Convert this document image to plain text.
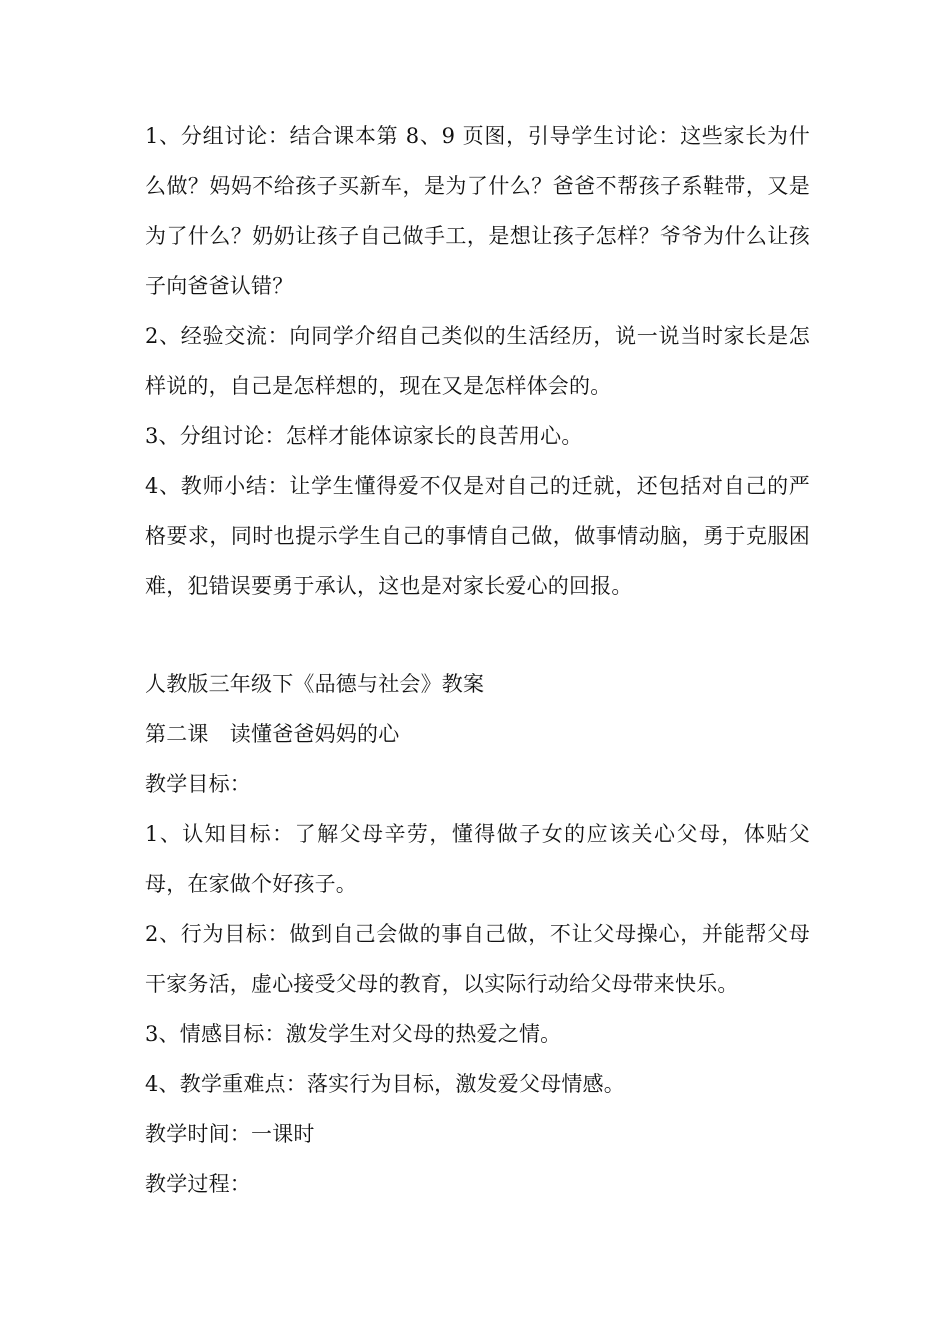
1、分组讨论：结合课本第 8、9 页图，引导学生讨论：这些家长为什么做？妈妈不给孩子买新车，是为了什么？爸爸不帮孩子系鞋带，又是为了什么？奶奶让孩子自己做手工，是想让孩子怎样？爷爷为什么让孩子向爸爸认错？

2、经验交流：向同学介绍自己类似的生活经历，说一说当时家长是怎样说的，自己是怎样想的，现在又是怎样体会的。

3、分组讨论：怎样才能体谅家长的良苦用心。

4、教师小结：让学生懂得爱不仅是对自己的迁就，还包括对自己的严格要求，同时也提示学生自己的事情自己做，做事情动脑，勇于克服困难，犯错误要勇于承认，这也是对家长爱心的回报。

人教版三年级下《品德与社会》教案

第二课　读懂爸爸妈妈的心

教学目标：

1、认知目标：了解父母辛劳，懂得做子女的应该关心父母，体贴父母，在家做个好孩子。

2、行为目标：做到自己会做的事自己做，不让父母操心，并能帮父母干家务活，虚心接受父母的教育，以实际行动给父母带来快乐。

3、情感目标：激发学生对父母的热爱之情。

4、教学重难点：落实行为目标，激发爱父母情感。

教学时间：一课时

教学过程：
